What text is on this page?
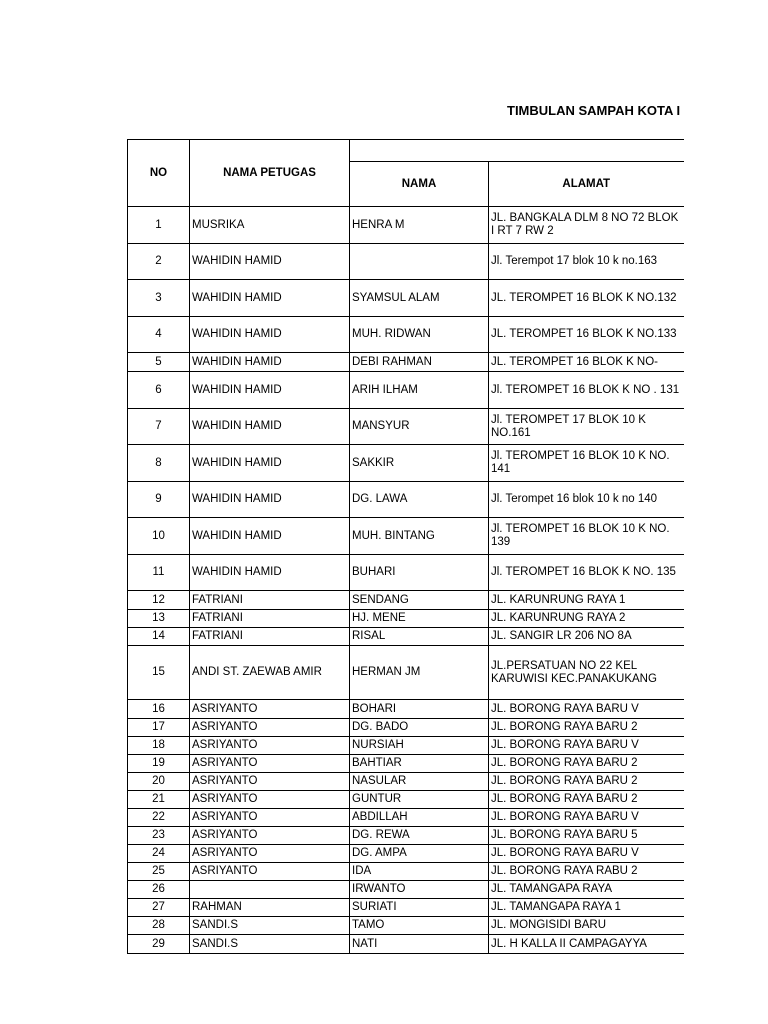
TIMBULAN SAMPAH KOTA I
NO	NAMA PETUGAS		
		NAMA	ALAMAT
1	MUSRIKA	HENRA M	JL. BANGKALA DLM 8 NO 72 BLOK I RT 7 RW 2
2	WAHIDIN HAMID		Jl. Terempot 17 blok 10 k no.163
3	WAHIDIN HAMID	SYAMSUL ALAM	JL. TEROMPET 16 BLOK K NO.132
4	WAHIDIN HAMID	MUH. RIDWAN	JL. TEROMPET 16 BLOK K NO.133
5	WAHIDIN HAMID	DEBI RAHMAN	JL. TEROMPET 16 BLOK K NO-
6	WAHIDIN HAMID	ARIH ILHAM	Jl. TEROMPET 16 BLOK K NO . 131
7	WAHIDIN HAMID	MANSYUR	Jl. TEROMPET 17 BLOK 10 K NO.161
8	WAHIDIN HAMID	SAKKIR	Jl. TEROMPET 16 BLOK 10 K NO. 141
9	WAHIDIN HAMID	DG. LAWA	Jl. Terompet 16 blok 10 k no 140
10	WAHIDIN HAMID	MUH. BINTANG	Jl. TEROMPET 16 BLOK 10 K NO. 139
11	WAHIDIN HAMID	BUHARI	Jl. TEROMPET 16 BLOK K NO. 135
12	FATRIANI	SENDANG	JL. KARUNRUNG RAYA 1
13	FATRIANI	HJ. MENE	JL. KARUNRUNG RAYA 2
14	FATRIANI	RISAL	JL. SANGIR LR 206 NO 8A
15	ANDI ST. ZAEWAB AMIR	HERMAN JM	JL.PERSATUAN NO 22 KEL KARUWISI KEC.PANAKUKANG
16	ASRIYANTO	BOHARI	JL. BORONG RAYA BARU V
17	ASRIYANTO	DG. BADO	JL. BORONG RAYA BARU 2
18	ASRIYANTO	NURSIAH	JL. BORONG RAYA BARU V
19	ASRIYANTO	BAHTIAR	JL. BORONG RAYA BARU 2
20	ASRIYANTO	NASULAR	JL. BORONG RAYA BARU 2
21	ASRIYANTO	GUNTUR	JL. BORONG RAYA BARU 2
22	ASRIYANTO	ABDILLAH	JL. BORONG RAYA BARU V
23	ASRIYANTO	DG. REWA	JL. BORONG RAYA BARU 5
24	ASRIYANTO	DG. AMPA	JL. BORONG RAYA BARU V
25	ASRIYANTO	IDA	JL. BORONG RAYA RABU 2
26		IRWANTO	JL. TAMANGAPA RAYA
27	RAHMAN	SURIATI	JL. TAMANGAPA RAYA 1
28	SANDI.S	TAMO	JL. MONGISIDI BARU
29	SANDI.S	NATI	JL. H KALLA II CAMPAGAYYA
